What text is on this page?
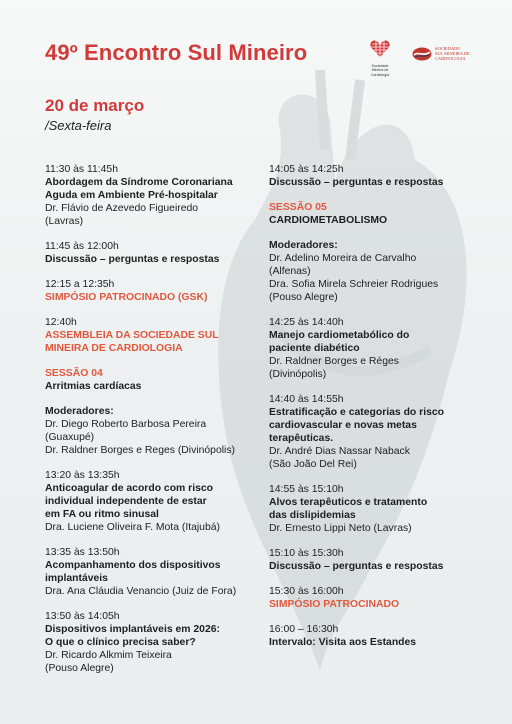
49º Encontro Sul Mineiro
Sociedade Mineira de
Cardiologia
SOCIEDADE
SUL MINEIRA DE
CARDIOLOGIA
20 de março
/Sexta-feira
11:30 às 11:45h
Abordagem da Síndrome Coronariana
Aguda em Ambiente Pré-hospitalar
Dr. Flávio de Azevedo Figueiredo
(Lavras)
11:45 às 12:00h
Discussão – perguntas e respostas
12:15 a 12:35h
SIMPÓSIO PATROCINADO (GSK)
12:40h
ASSEMBLEIA DA SOCIEDADE SUL
MINEIRA DE CARDIOLOGIA
SESSÃO 04
Arritmias cardíacas
Moderadores:
Dr. Diego Roberto Barbosa Pereira
(Guaxupé)
Dr. Raldner Borges e Reges (Divinópolis)
13:20 às 13:35h
Anticoagular de acordo com risco
individual independente de estar
em FA ou ritmo sinusal
Dra. Luciene Oliveira F. Mota (Itajubá)
13:35 às 13:50h
Acompanhamento dos dispositivos
implantáveis
Dra. Ana Cláudia Venancio (Juiz de Fora)
13:50 às 14:05h
Dispositivos implantáveis em 2026:
O que o clínico precisa saber?
Dr. Ricardo Alkmim Teixeira
(Pouso Alegre)
14:05 às 14:25h
Discussão – perguntas e respostas
SESSÃO 05
CARDIOMETABOLISMO
Moderadores:
Dr. Adelino Moreira de Carvalho
(Alfenas)
Dra. Sofia Mirela Schreier Rodrigues
(Pouso Alegre)
14:25 às 14:40h
Manejo cardiometabólico do
paciente diabético
Dr. Raldner Borges e Réges
(Divinópolis)
14:40 às 14:55h
Estratificação e categorias do risco
cardiovascular e novas metas
terapêuticas.
Dr. André Dias Nassar Naback
(São João Del Rei)
14:55 às 15:10h
Alvos terapêuticos e tratamento
das dislipidemias
Dr. Ernesto Lippi Neto (Lavras)
15:10 às 15:30h
Discussão – perguntas e respostas
15:30 às 16:00h
SIMPÓSIO PATROCINADO
16:00 – 16:30h
Intervalo: Visita aos Estandes
